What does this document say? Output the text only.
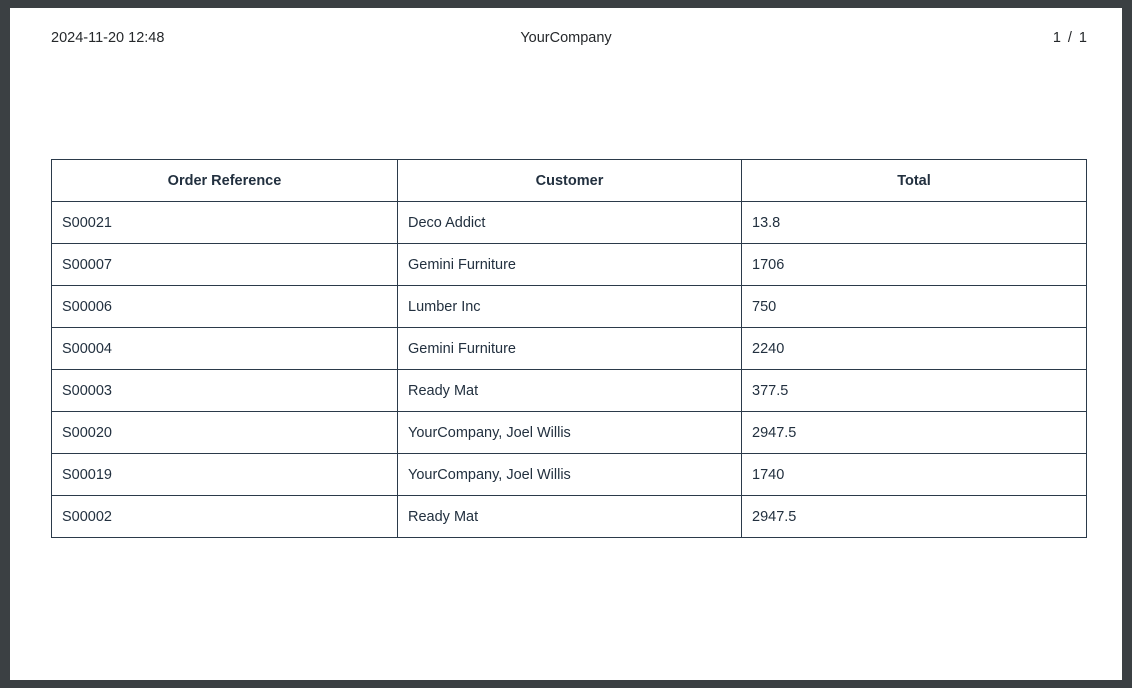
2024-11-20 12:48	YourCompany	1 / 1
Order Reference	Customer	Total
S00021	Deco Addict	13.8
S00007	Gemini Furniture	1706
S00006	Lumber Inc	750
S00004	Gemini Furniture	2240
S00003	Ready Mat	377.5
S00020	YourCompany, Joel Willis	2947.5
S00019	YourCompany, Joel Willis	1740
S00002	Ready Mat	2947.5
